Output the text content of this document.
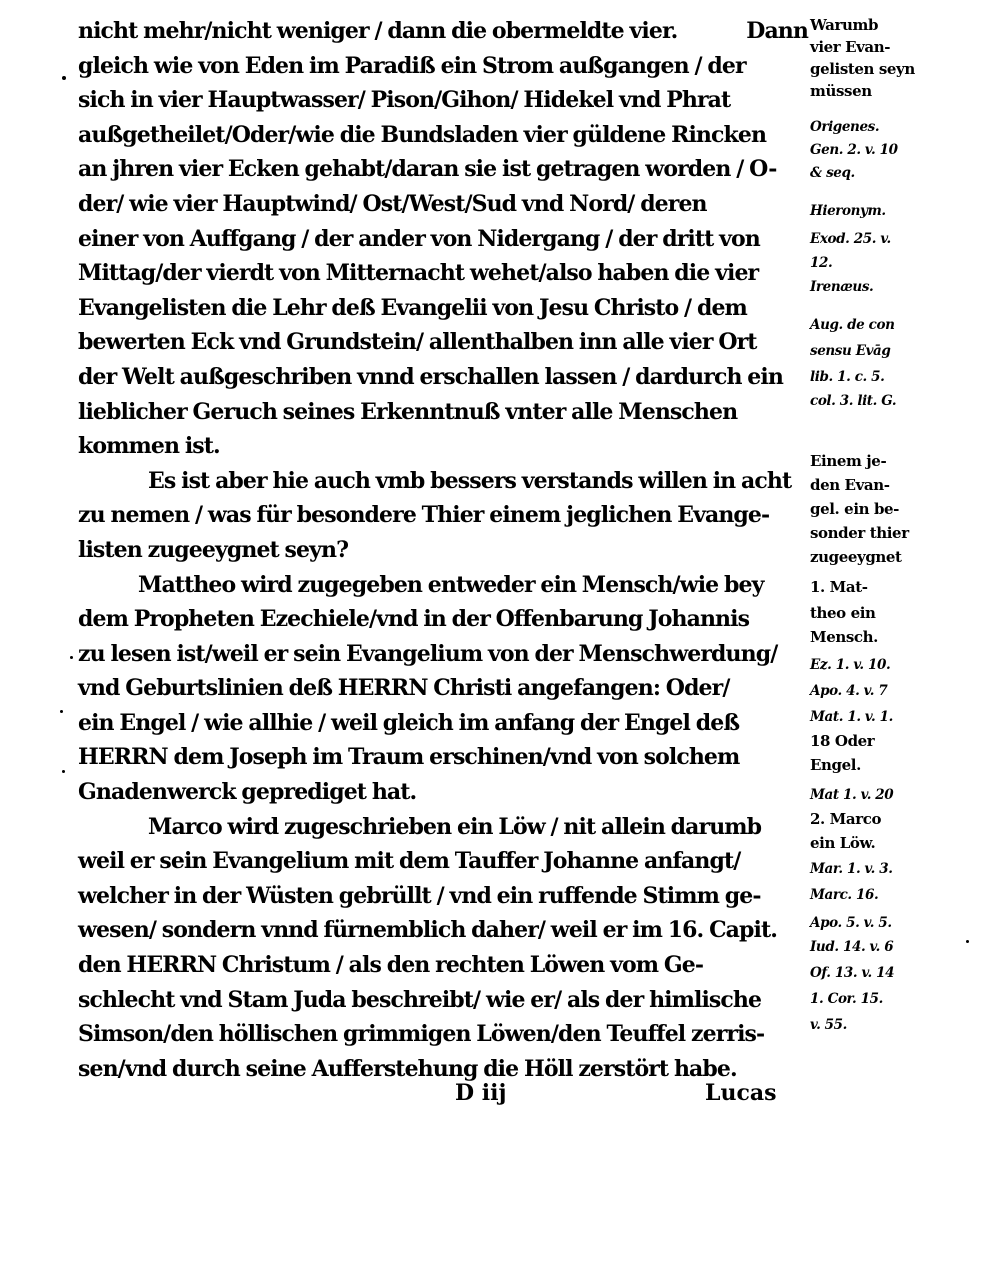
nicht mehr/nicht weniger / dann die obermeldte vier.	Dann
gleich wie von Eden im Paradiß ein Strom außgangen / der
sich in vier Hauptwasser/ Pison/Gihon/ Hidekel vnd Phrat
außgetheilet/Oder/wie die Bundsladen vier güldene Rincken
an jhren vier Ecken gehabt/daran sie ist getragen worden / O-
der/ wie vier Hauptwind/ Ost/West/Sud vnd Nord/ deren
einer von Auffgang / der ander von Nidergang / der dritt von
Mittag/der vierdt von Mitternacht wehet/also haben die vier
Evangelisten die Lehr deß Evangelii von Jesu Christo / dem
bewerten Eck vnd Grundstein/ allenthalben inn alle vier Ort
der Welt außgeschriben vnnd erschallen lassen / dardurch ein
lieblicher Geruch seines Erkenntnuß vnter alle Menschen
kommen ist.
Es ist aber hie auch vmb bessers verstands willen in acht
zu nemen / was für besondere Thier einem jeglichen Evange-
listen zugeeygnet seyn?
Mattheo wird zugegeben entweder ein Mensch/wie bey
dem Propheten Ezechiele/vnd in der Offenbarung Johannis
zu lesen ist/weil er sein Evangelium von der Menschwerdung/
vnd Geburtslinien deß HERRN Christi angefangen: Oder/
ein Engel / wie allhie / weil gleich im anfang der Engel deß
HERRN dem Joseph im Traum erschinen/vnd von solchem
Gnadenwerck geprediget hat.
Marco wird zugeschrieben ein Löw / nit allein darumb
weil er sein Evangelium mit dem Tauffer Johanne anfangt/
welcher in der Wüsten gebrüllt / vnd ein ruffende Stimm ge-
wesen/ sondern vnnd fürnemblich daher/ weil er im 16. Capit.
den HERRN Christum / als den rechten Löwen vom Ge-
schlecht vnd Stam Juda beschreibt/ wie er/ als der himlische
Simson/den höllischen grimmigen Löwen/den Teuffel zerris-
sen/vnd durch seine Aufferstehung die Höll zerstört habe.
Warumb
vier Evan-
gelisten seyn
müssen
Origenes.
Gen. 2. v. 10
& seq.
Hieronym.
Exod. 25. v.
12.
Irenæus.
Aug. de con
sensu Evāg
lib. 1. c. 5.
col. 3. lit. G.
Einem je-
den Evan-
gel. ein be-
sonder thier
zugeeygnet
1. Mat-
theo ein
Mensch.
Ez. 1. v. 10.
Apo. 4. v. 7
Mat. 1. v. 1.
18 Oder
Engel.
Mat 1. v. 20
2. Marco
ein Löw.
Mar. 1. v. 3.
Marc. 16.
Apo. 5. v. 5.
Iud. 14. v. 6
Of. 13. v. 14
1. Cor. 15.
v. 55.
D iij	Lucas
